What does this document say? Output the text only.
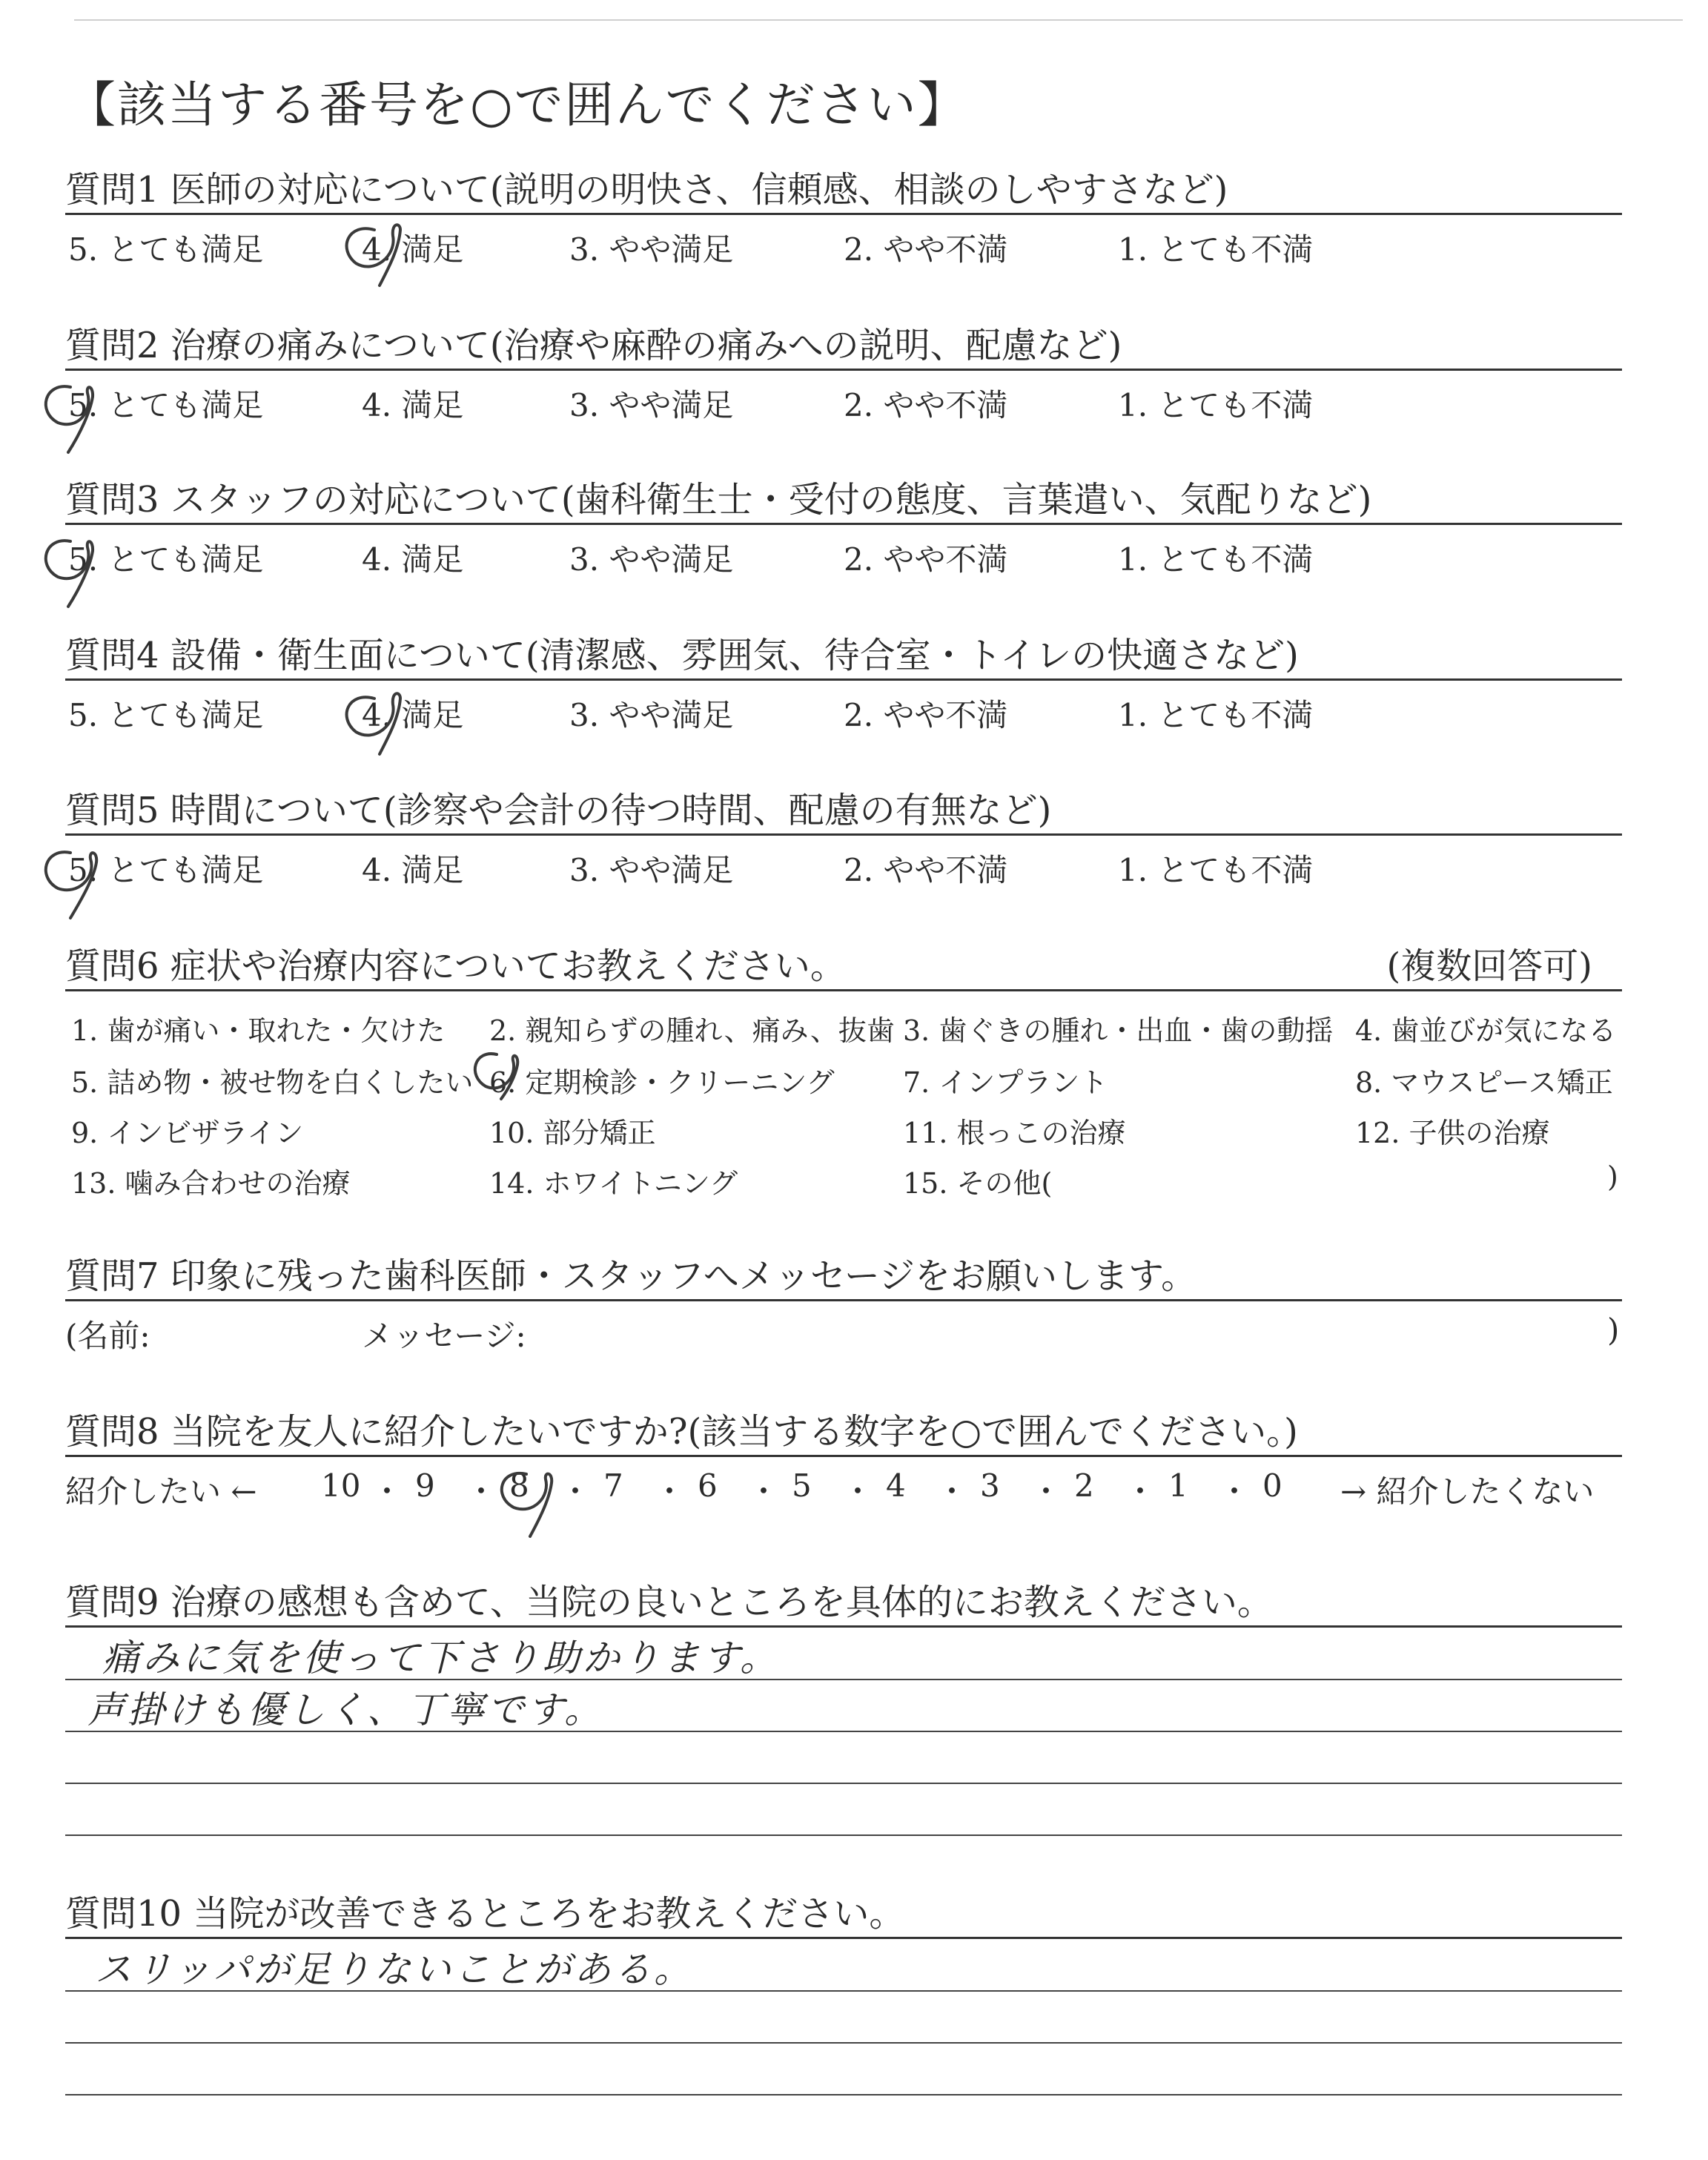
【該当する番号を○で囲んでください】
質問1 医師の対応について(説明の明快さ、信頼感、相談のしやすさなど)
5. とても満足	4. 満足	3. やや満足	2. やや不満	1. とても不満
質問2 治療の痛みについて(治療や麻酔の痛みへの説明、配慮など)
5. とても満足	4. 満足	3. やや満足	2. やや不満	1. とても不満
質問3 スタッフの対応について(歯科衛生士・受付の態度、言葉遣い、気配りなど)
5. とても満足	4. 満足	3. やや満足	2. やや不満	1. とても不満
質問4 設備・衛生面について(清潔感、雰囲気、待合室・トイレの快適さなど)
5. とても満足	4. 満足	3. やや満足	2. やや不満	1. とても不満
質問5 時間について(診察や会計の待つ時間、配慮の有無など)
5. とても満足	4. 満足	3. やや満足	2. やや不満	1. とても不満
質問6 症状や治療内容についてお教えください。	(複数回答可)
1. 歯が痛い・取れた・欠けた 2. 親知らずの腫れ、痛み、抜歯 3. 歯ぐきの腫れ・出血・歯の動揺 4. 歯並びが気になる
5. 詰め物・被せ物を白くしたい 6. 定期検診・クリーニング 7. インプラント	8. マウスピース矯正
9. インビザライン	10. 部分矯正	11. 根っこの治療	12. 子供の治療
13. 噛み合わせの治療	14. ホワイトニング	15. その他(	)
質問7 印象に残った歯科医師・スタッフへメッセージをお願いします。
(名前:	メッセージ:	)
質問8 当院を友人に紹介したいですか?(該当する数字を○で囲んでください。)
紹介したい ←	→ 紹介したくない
10 ・ 9 ・ 8 ・ 7 ・ 6 ・ 5 ・ 4 ・ 3 ・ 2 ・ 1 ・ 0
質問9 治療の感想も含めて、当院の良いところを具体的にお教えください。
痛みに気を使って下さり助かります。
声掛けも優しく、丁寧です。
質問10 当院が改善できるところをお教えください。
スリッパが足りないことがある。
